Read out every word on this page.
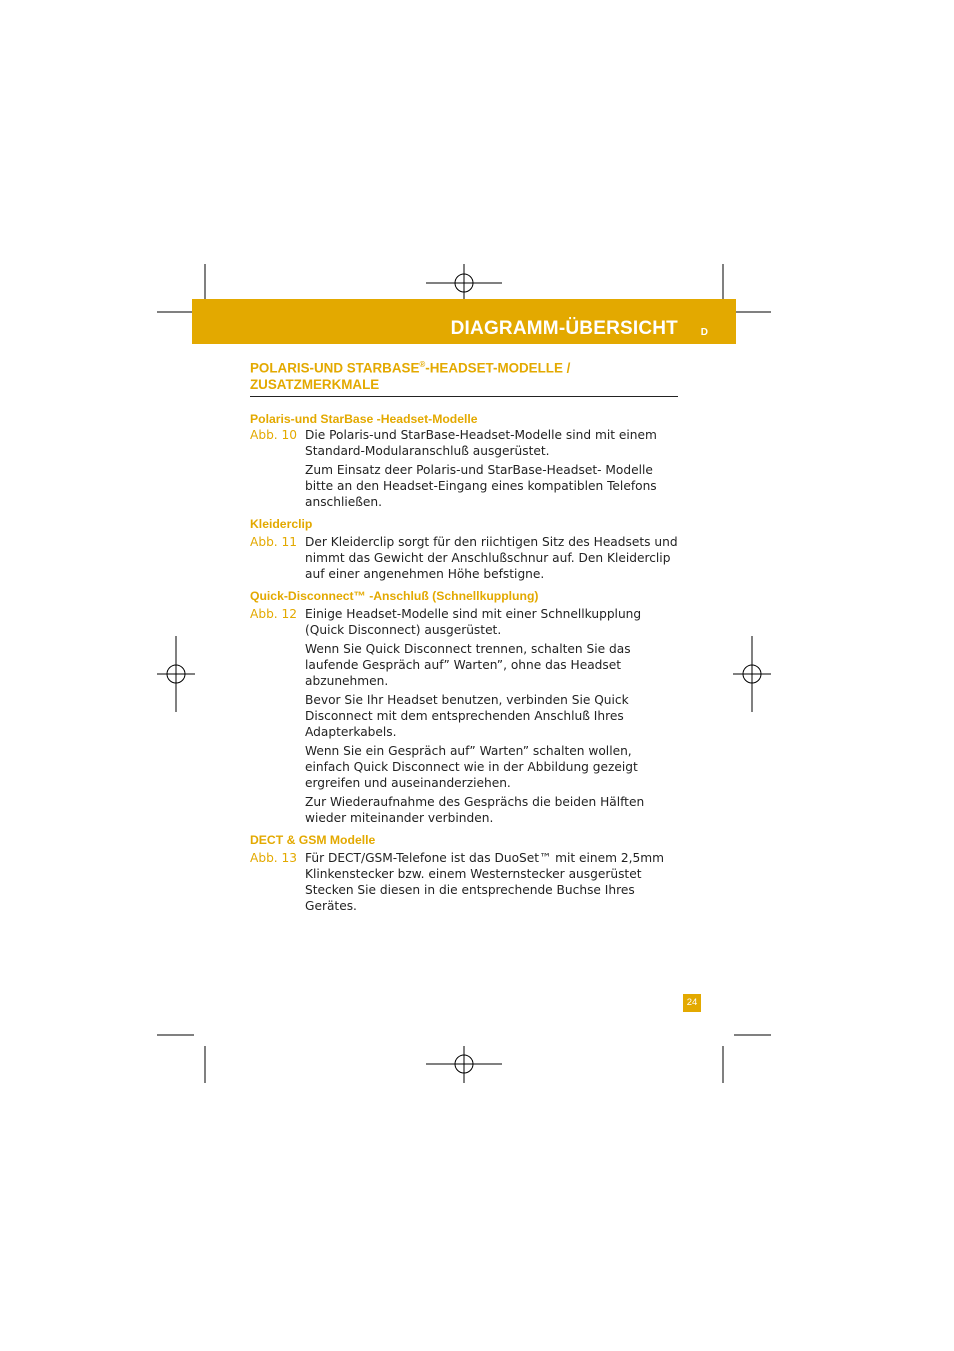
DIAGRAMM-ÜBERSICHT D
POLARIS-UND STARBASE®-HEADSET-MODELLE /
ZUSATZMERKMALE
Polaris-und StarBase -Headset-Modelle
Abb. 10 Die Polaris-und StarBase-Headset-Modelle sind mit einem Standard-Modularanschluß ausgerüstet.
Zum Einsatz deer Polaris-und StarBase-Headset- Modelle bitte an den Headset-Eingang eines kompatiblen Telefons anschließen.
Kleiderclip
Abb. 11 Der Kleiderclip sorgt für den riichtigen Sitz des Headsets und nimmt das Gewicht der Anschlußschnur auf. Den Kleiderclip auf einer angenehmen Höhe befstigne.
Quick-Disconnect™ -Anschluß (Schnellkupplung)
Abb. 12 Einige Headset-Modelle sind mit einer Schnellkupplung (Quick Disconnect) ausgerüstet.
Wenn Sie Quick Disconnect trennen, schalten Sie das laufende Gespräch auf” Warten”, ohne das Headset abzunehmen.
Bevor Sie Ihr Headset benutzen, verbinden Sie Quick Disconnect mit dem entsprechenden Anschluß Ihres Adapterkabels.
Wenn Sie ein Gespräch auf” Warten” schalten wollen, einfach Quick Disconnect wie in der Abbildung gezeigt ergreifen und auseinanderziehen.
Zur Wiederaufnahme des Gesprächs die beiden Hälften wieder miteinander verbinden.
DECT & GSM Modelle
Abb. 13 Für DECT/GSM-Telefone ist das DuoSet™ mit einem 2,5mm Klinkenstecker bzw. einem Westernstecker ausgerüstet Stecken Sie diesen in die entsprechende Buchse Ihres Gerätes.
24
